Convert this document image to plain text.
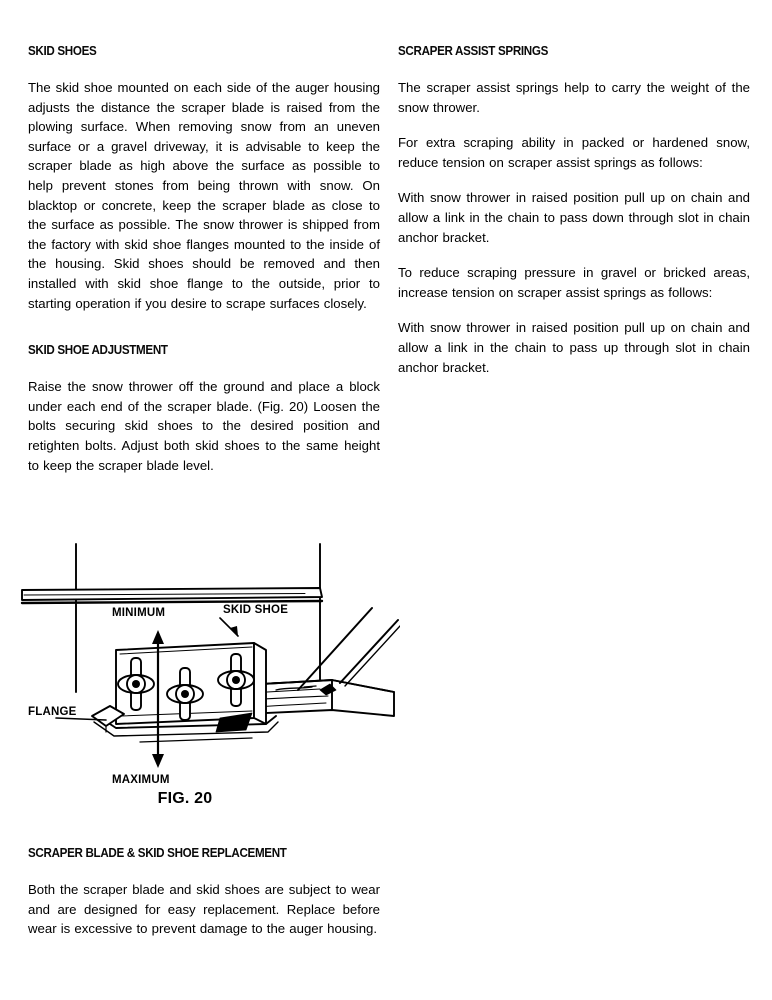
SKID SHOES

The skid shoe mounted on each side of the auger housing adjusts the distance the scraper blade is raised from the plowing surface. When removing snow from an uneven surface or a gravel driveway, it is advisable to keep the scraper blade as high above the surface as possible to help prevent stones from being thrown with snow. On blacktop or concrete, keep the scraper blade as close to the surface as possible. The snow thrower is shipped from the factory with skid shoe flanges mounted to the inside of the housing. Skid shoes should be removed and then installed with skid shoe flange to the outside, prior to starting operation if you desire to scrape surfaces closely.

SKID SHOE ADJUSTMENT

Raise the snow thrower off the ground and place a block under each end of the scraper blade. (Fig. 20) Loosen the bolts securing skid shoes to the desired position and retighten bolts. Adjust both skid shoes to the same height to keep the scraper blade level.

SCRAPER ASSIST SPRINGS

The scraper assist springs help to carry the weight of the snow thrower.

For extra scraping ability in packed or hardened snow, reduce tension on scraper assist springs as follows:

With snow thrower in raised position pull up on chain and allow a link in the chain to pass down through slot in chain anchor bracket.

To reduce scraping pressure in gravel or bricked areas, increase tension on scraper assist springs as follows:

With snow thrower in raised position pull up on chain and allow a link in the chain to pass up through slot in chain anchor bracket.

MINIMUM
MAXIMUM
SKID SHOE
FLANGE
FIG. 20
SCRAPER BLADE & SKID SHOE REPLACEMENT

Both the scraper blade and skid shoes are subject to wear and are designed for easy replacement. Replace before wear is excessive to prevent damage to the auger housing.
